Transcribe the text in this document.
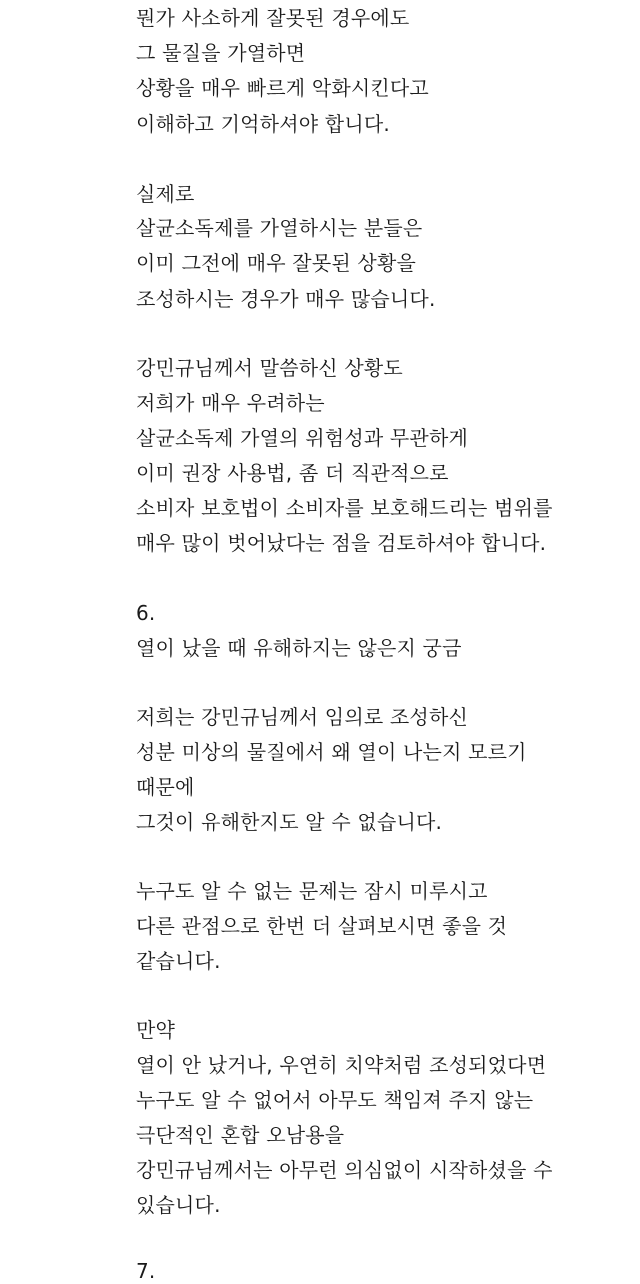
뭔가 사소하게 잘못된 경우에도
그 물질을 가열하면
상황을 매우 빠르게 악화시킨다고
이해하고 기억하셔야 합니다.
실제로
살균소독제를 가열하시는 분들은
이미 그전에 매우 잘못된 상황을
조성하시는 경우가 매우 많습니다.
강민규님께서 말씀하신 상황도
저희가 매우 우려하는
살균소독제 가열의 위험성과 무관하게
이미 권장 사용법, 좀 더 직관적으로
소비자 보호법이 소비자를 보호해드리는 범위를
매우 많이 벗어났다는 점을 검토하셔야 합니다.
6.
열이 났을 때 유해하지는 않은지 궁금
저희는 강민규님께서 임의로 조성하신
성분 미상의 물질에서 왜 열이 나는지 모르기
때문에
그것이 유해한지도 알 수 없습니다.
누구도 알 수 없는 문제는 잠시 미루시고
다른 관점으로 한번 더 살펴보시면 좋을 것
같습니다.
만약
열이 안 났거나, 우연히 치약처럼 조성되었다면
누구도 알 수 없어서 아무도 책임져 주지 않는
극단적인 혼합 오남용을
강민규님께서는 아무런 의심없이 시작하셨을 수
있습니다.
7.
